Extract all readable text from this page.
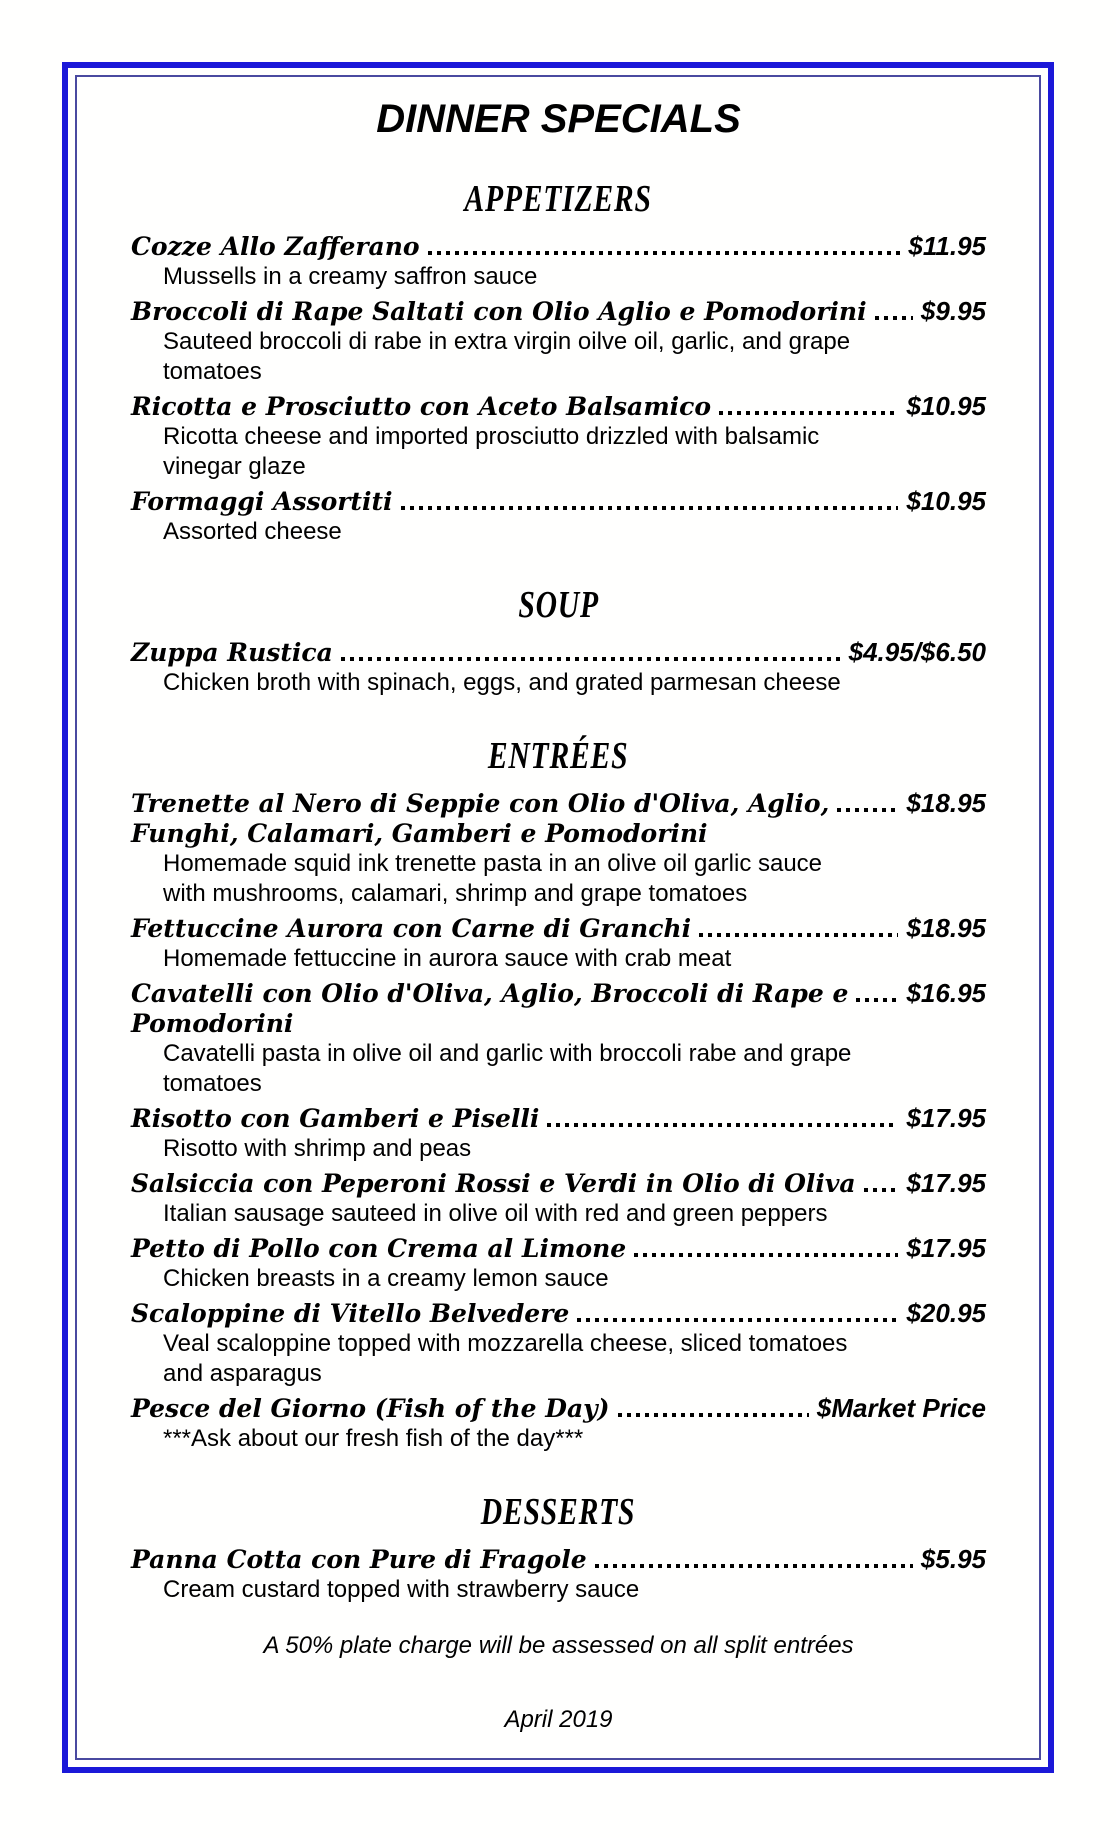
DINNER SPECIALS
APPETIZERS
Cozze Allo Zafferano	$11.95
Mussells in a creamy saffron sauce
Broccoli di Rape Saltati con Olio Aglio e Pomodorini $9.95
Sauteed broccoli di rabe in extra virgin oilve oil, garlic, and grape
tomatoes
Ricotta e Prosciutto con Aceto Balsamico	$10.95
Ricotta cheese and imported prosciutto drizzled with balsamic
vinegar glaze
Formaggi Assortiti	$10.95
Assorted cheese
SOUP
Zuppa Rustica	$4.95/$6.50
Chicken broth with spinach, eggs, and grated parmesan cheese
ENTRÉES
Trenette al Nero di Seppie con Olio d'Oliva, Aglio,	$18.95
Funghi, Calamari, Gamberi e Pomodorini
Homemade squid ink trenette pasta in an olive oil garlic sauce
with mushrooms, calamari, shrimp and grape tomatoes
Fettuccine Aurora con Carne di Granchi	$18.95
Homemade fettuccine in aurora sauce with crab meat
Cavatelli con Olio d'Oliva, Aglio, Broccoli di Rape e $16.95
Pomodorini
Cavatelli pasta in olive oil and garlic with broccoli rabe and grape
tomatoes
Risotto con Gamberi e Piselli	$17.95
Risotto with shrimp and peas
Salsiccia con Peperoni Rossi e Verdi in Olio di Oliva $17.95
Italian sausage sauteed in olive oil with red and green peppers
Petto di Pollo con Crema al Limone	$17.95
Chicken breasts in a creamy lemon sauce
Scaloppine di Vitello Belvedere	$20.95
Veal scaloppine topped with mozzarella cheese, sliced tomatoes
and asparagus
Pesce del Giorno (Fish of the Day)	$Market Price
***Ask about our fresh fish of the day***
DESSERTS
Panna Cotta con Pure di Fragole	$5.95
Cream custard topped with strawberry sauce
A 50% plate charge will be assessed on all split entrées
April 2019
